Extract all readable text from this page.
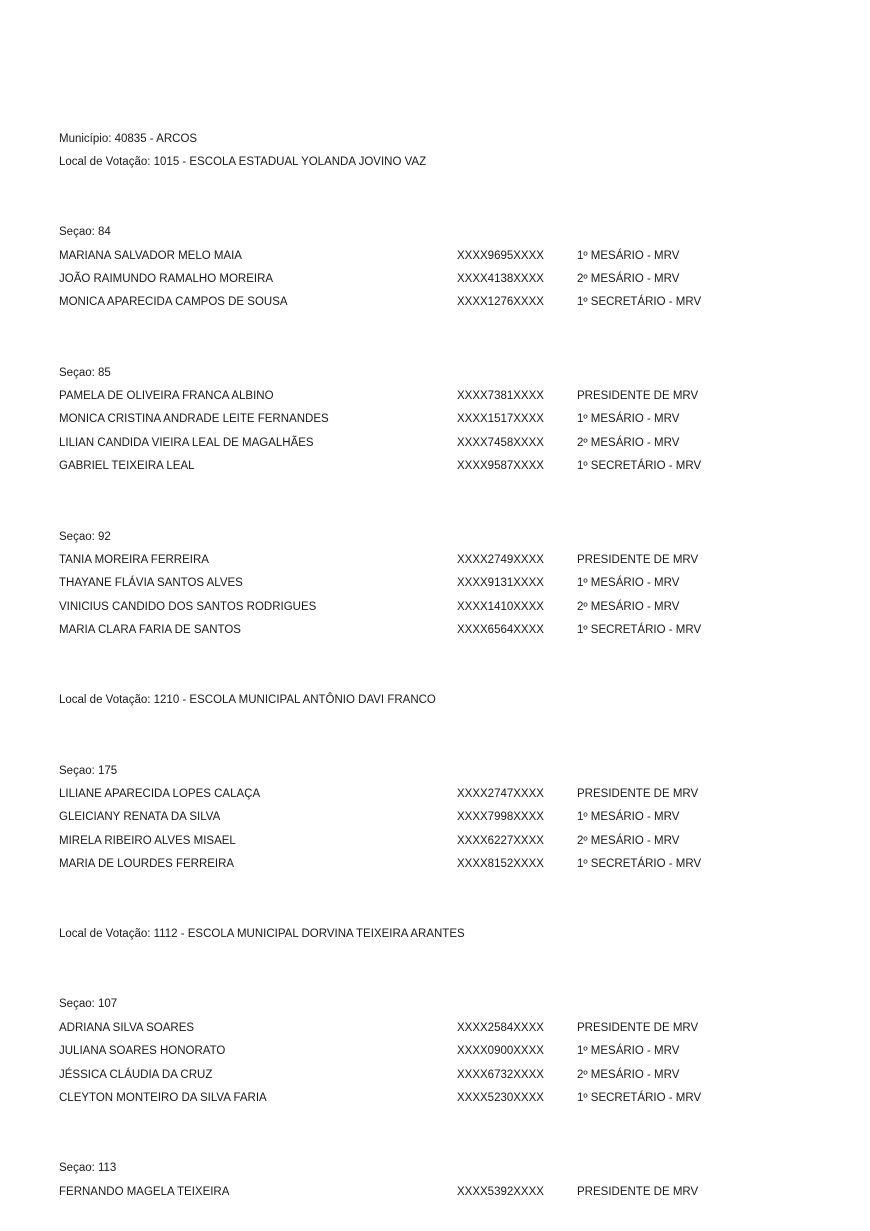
Município: 40835 - ARCOS
Local de Votação: 1015 - ESCOLA ESTADUAL YOLANDA JOVINO VAZ
Seçao: 84
MARIANA SALVADOR MELO MAIA	XXXX9695XXXX	1º MESÁRIO - MRV
JOÃO RAIMUNDO RAMALHO MOREIRA	XXXX4138XXXX	2º MESÁRIO - MRV
MONICA APARECIDA CAMPOS DE SOUSA	XXXX1276XXXX	1º SECRETÁRIO - MRV
Seçao: 85
PAMELA DE OLIVEIRA FRANCA ALBINO	XXXX7381XXXX	PRESIDENTE DE MRV
MONICA CRISTINA ANDRADE LEITE FERNANDES	XXXX1517XXXX	1º MESÁRIO - MRV
LILIAN CANDIDA VIEIRA LEAL DE MAGALHÃES	XXXX7458XXXX	2º MESÁRIO - MRV
GABRIEL TEIXEIRA LEAL	XXXX9587XXXX	1º SECRETÁRIO - MRV
Seçao: 92
TANIA MOREIRA FERREIRA	XXXX2749XXXX	PRESIDENTE DE MRV
THAYANE FLÁVIA SANTOS ALVES	XXXX9131XXXX	1º MESÁRIO - MRV
VINICIUS CANDIDO DOS SANTOS RODRIGUES	XXXX1410XXXX	2º MESÁRIO - MRV
MARIA CLARA FARIA DE SANTOS	XXXX6564XXXX	1º SECRETÁRIO - MRV
Local de Votação: 1210 - ESCOLA MUNICIPAL ANTÔNIO DAVI FRANCO
Seçao: 175
LILIANE APARECIDA LOPES CALAÇA	XXXX2747XXXX	PRESIDENTE DE MRV
GLEICIANY RENATA DA SILVA	XXXX7998XXXX	1º MESÁRIO - MRV
MIRELA RIBEIRO ALVES MISAEL	XXXX6227XXXX	2º MESÁRIO - MRV
MARIA DE LOURDES FERREIRA	XXXX8152XXXX	1º SECRETÁRIO - MRV
Local de Votação: 1112 - ESCOLA MUNICIPAL DORVINA TEIXEIRA ARANTES
Seçao: 107
ADRIANA SILVA SOARES	XXXX2584XXXX	PRESIDENTE DE MRV
JULIANA SOARES HONORATO	XXXX0900XXXX	1º MESÁRIO - MRV
JÉSSICA CLÁUDIA DA CRUZ	XXXX6732XXXX	2º MESÁRIO - MRV
CLEYTON MONTEIRO DA SILVA FARIA	XXXX5230XXXX	1º SECRETÁRIO - MRV
Seçao: 113
FERNANDO MAGELA TEIXEIRA	XXXX5392XXXX	PRESIDENTE DE MRV
